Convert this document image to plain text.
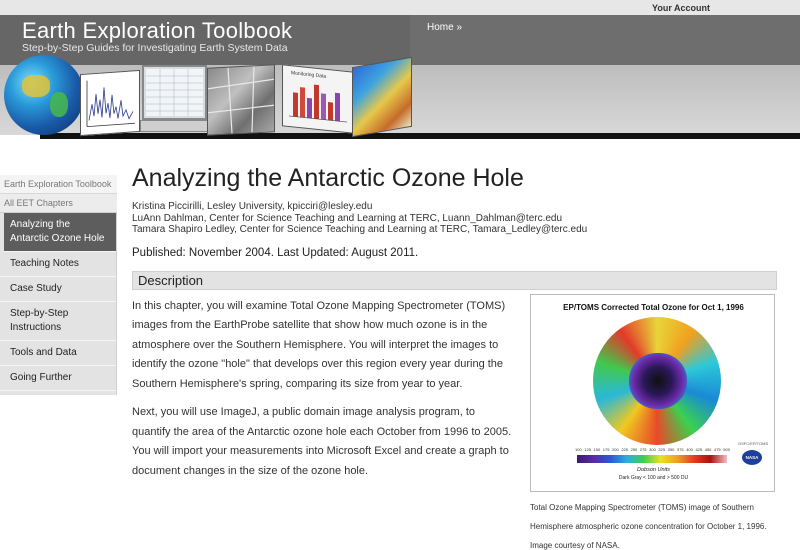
Your Account
Earth Exploration Toolbook
Step-by-Step Guides for Investigating Earth System Data
Home »
Monitoring Data
Earth Exploration Toolbook
All EET Chapters
Analyzing the Antarctic Ozone Hole
Teaching Notes
Case Study
Step-by-Step Instructions
Tools and Data
Going Further
Analyzing the Antarctic Ozone Hole
Kristina Piccirilli, Lesley University, kpicciri@lesley.edu
LuAnn Dahlman, Center for Science Teaching and Learning at TERC, Luann_Dahlman@terc.edu
Tamara Shapiro Ledley, Center for Science Teaching and Learning at TERC, Tamara_Ledley@terc.edu
Published: November 2004. Last Updated: August 2011.
Description

In this chapter, you will examine Total Ozone Mapping Spectrometer (TOMS) images from the EarthProbe satellite that show how much ozone is in the atmosphere over the Southern Hemisphere. You will interpret the images to identify the ozone "hole" that develops over this region every year during the Southern Hemisphere's spring, comparing its size from year to year.

Next, you will use ImageJ, a public domain image analysis program, to quantify the area of the Antarctic ozone hole each October from 1996 to 2005. You will import your measurements into Microsoft Excel and create a graph to document changes in the size of the ozone hole.

EP/TOMS Corrected Total Ozone for Oct 1, 1996
100 125 150 175 200 225 250 275 300 325 350 375 400 425 450 475 500
Dobson Units
Dark Gray < 100 and > 500 DU
GSFC/EP/TOMS
NASA
Total Ozone Mapping Spectrometer (TOMS) image of Southern Hemisphere atmospheric ozone concentration for October 1, 1996. Image courtesy of NASA.
